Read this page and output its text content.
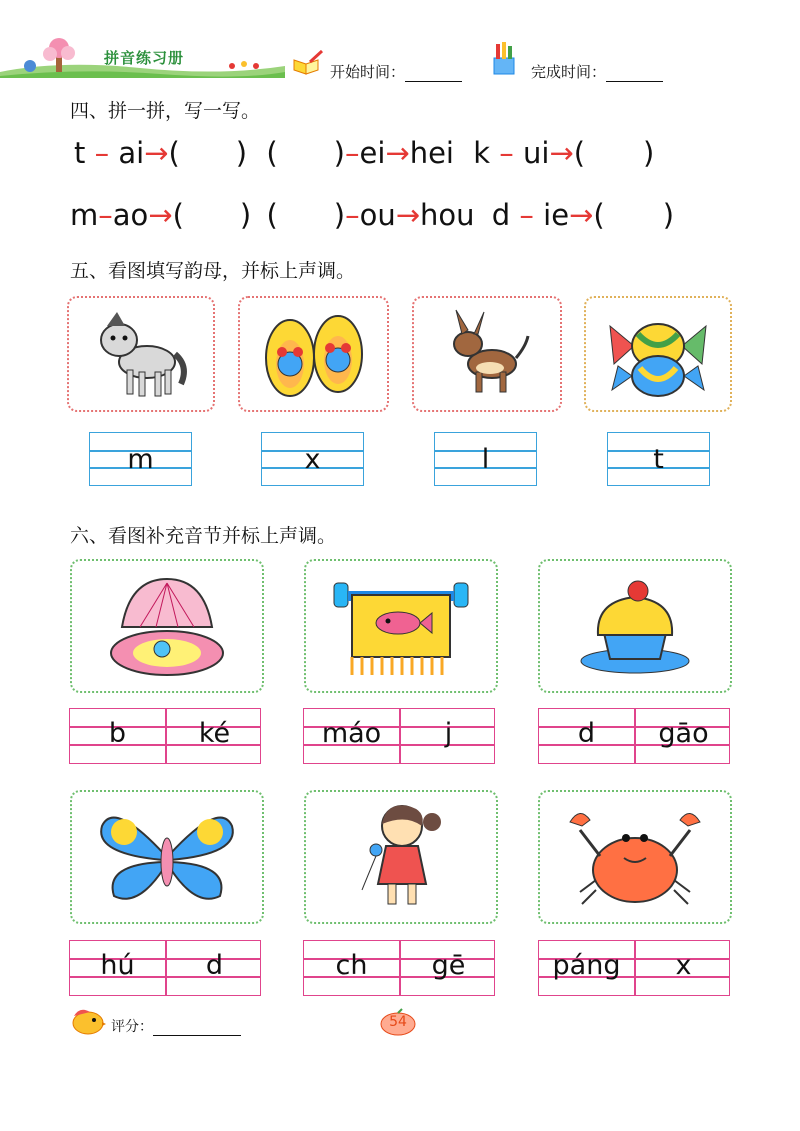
拼音练习册
开始时间：	完成时间：
四、拼一拼，写一写。
t – ai→( ) ( )–ei→hei k – ui→( )
m–ao→( ) ( )–ou→hou d – ie→( )
五、看图填写韵母，并标上声调。
m	x	l	t
六、看图补充音节并标上声调。
b	ké	máo	j	d	gāo
hú	d	ch	gē	páng	x
评分：	54
